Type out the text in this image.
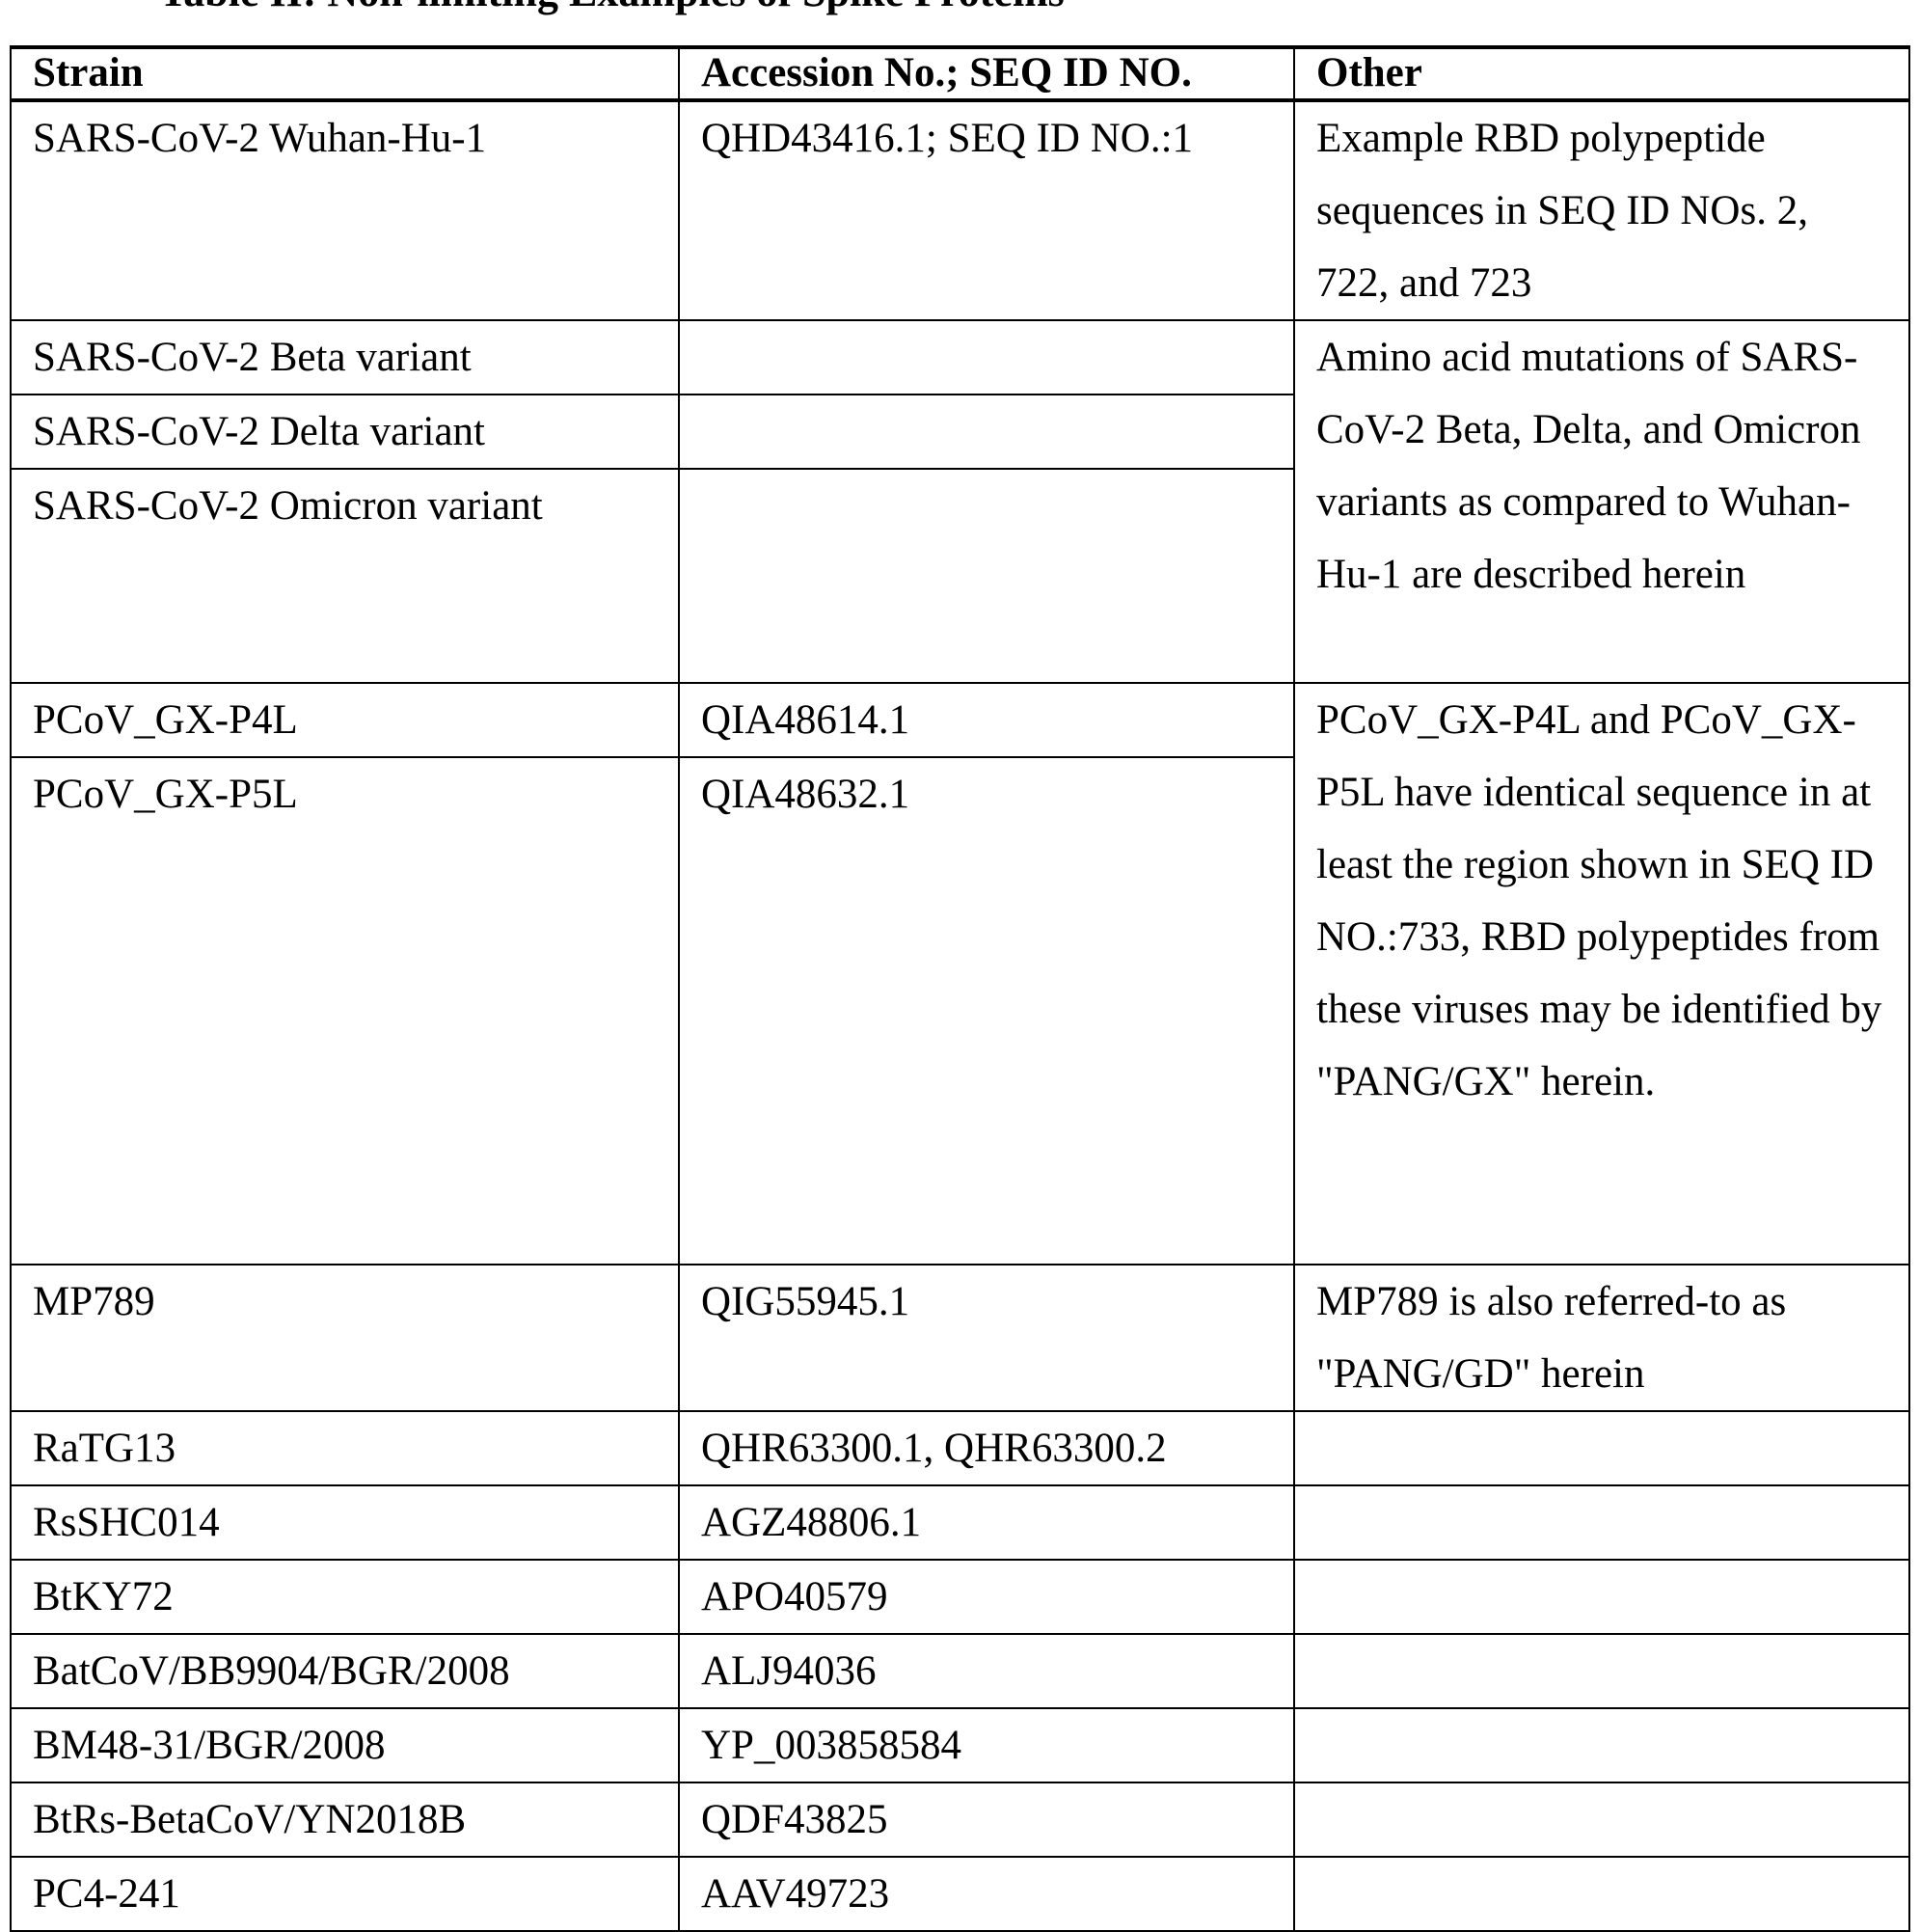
Strain	Accession No.; SEQ ID NO.	Other
SARS-CoV-2 Wuhan-Hu-1	QHD43416.1; SEQ ID NO.:1	Example RBD polypeptide sequences in SEQ ID NOs. 2, 722, and 723
SARS-CoV-2 Beta variant		Amino acid mutations of SARS-CoV-2 Beta, Delta, and Omicron variants as compared to Wuhan-Hu-1 are described herein
SARS-CoV-2 Delta variant	
SARS-CoV-2 Omicron variant	
PCoV_GX-P4L	QIA48614.1	PCoV_GX-P4L and PCoV_GX-P5L have identical sequence in at least the region shown in SEQ ID NO.:733, RBD polypeptides from these viruses may be identified by "PANG/GX" herein.
PCoV_GX-P5L	QIA48632.1
MP789	QIG55945.1	MP789 is also referred-to as "PANG/GD" herein
RaTG13	QHR63300.1, QHR63300.2	
RsSHC014	AGZ48806.1	
BtKY72	APO40579	
BatCoV/BB9904/BGR/2008	ALJ94036	
BM48-31/BGR/2008	YP_003858584	
BtRs-BetaCoV/YN2018B	QDF43825	
PC4-241	AAV49723	
